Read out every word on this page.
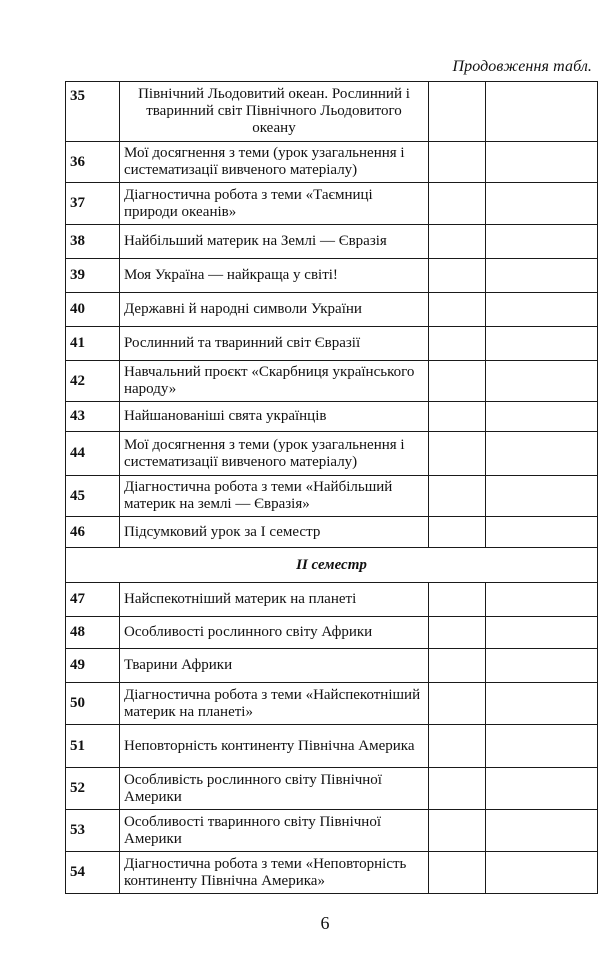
Продовження табл.
35	Північний Льодовитий океан. Рослинний і тваринний світ Північного Льодовитого океану		
36	Мої досягнення з теми (урок узагальнення і систематизації вивченого матеріалу)		
37	Діагностична робота з теми «Таємниці природи океанів»		
38	Найбільший материк на Землі — Євразія		
39	Моя Україна — найкраща у світі!		
40	Державні й народні символи України		
41	Рослинний та тваринний світ Євразії		
42	Навчальний проєкт «Скарбниця українського народу»		
43	Найшанованіші свята українців		
44	Мої досягнення з теми (урок узагальнення і систематизації вивченого матеріалу)		
45	Діагностична робота з теми «Найбільший материк на землі — Євразія»		
46	Підсумковий урок за І семестр		
ІІ семестр			
47	Найспекотніший материк на планеті		
48	Особливості рослинного світу Африки		
49	Тварини Африки		
50	Діагностична робота з теми «Найспекотніший материк на планеті»		
51	Неповторність континенту Північна Америка		
52	Особливість рослинного світу Північної Америки		
53	Особливості тваринного світу Північної Америки		
54	Діагностична робота з теми «Неповторність континенту Північна Америка»		
6
